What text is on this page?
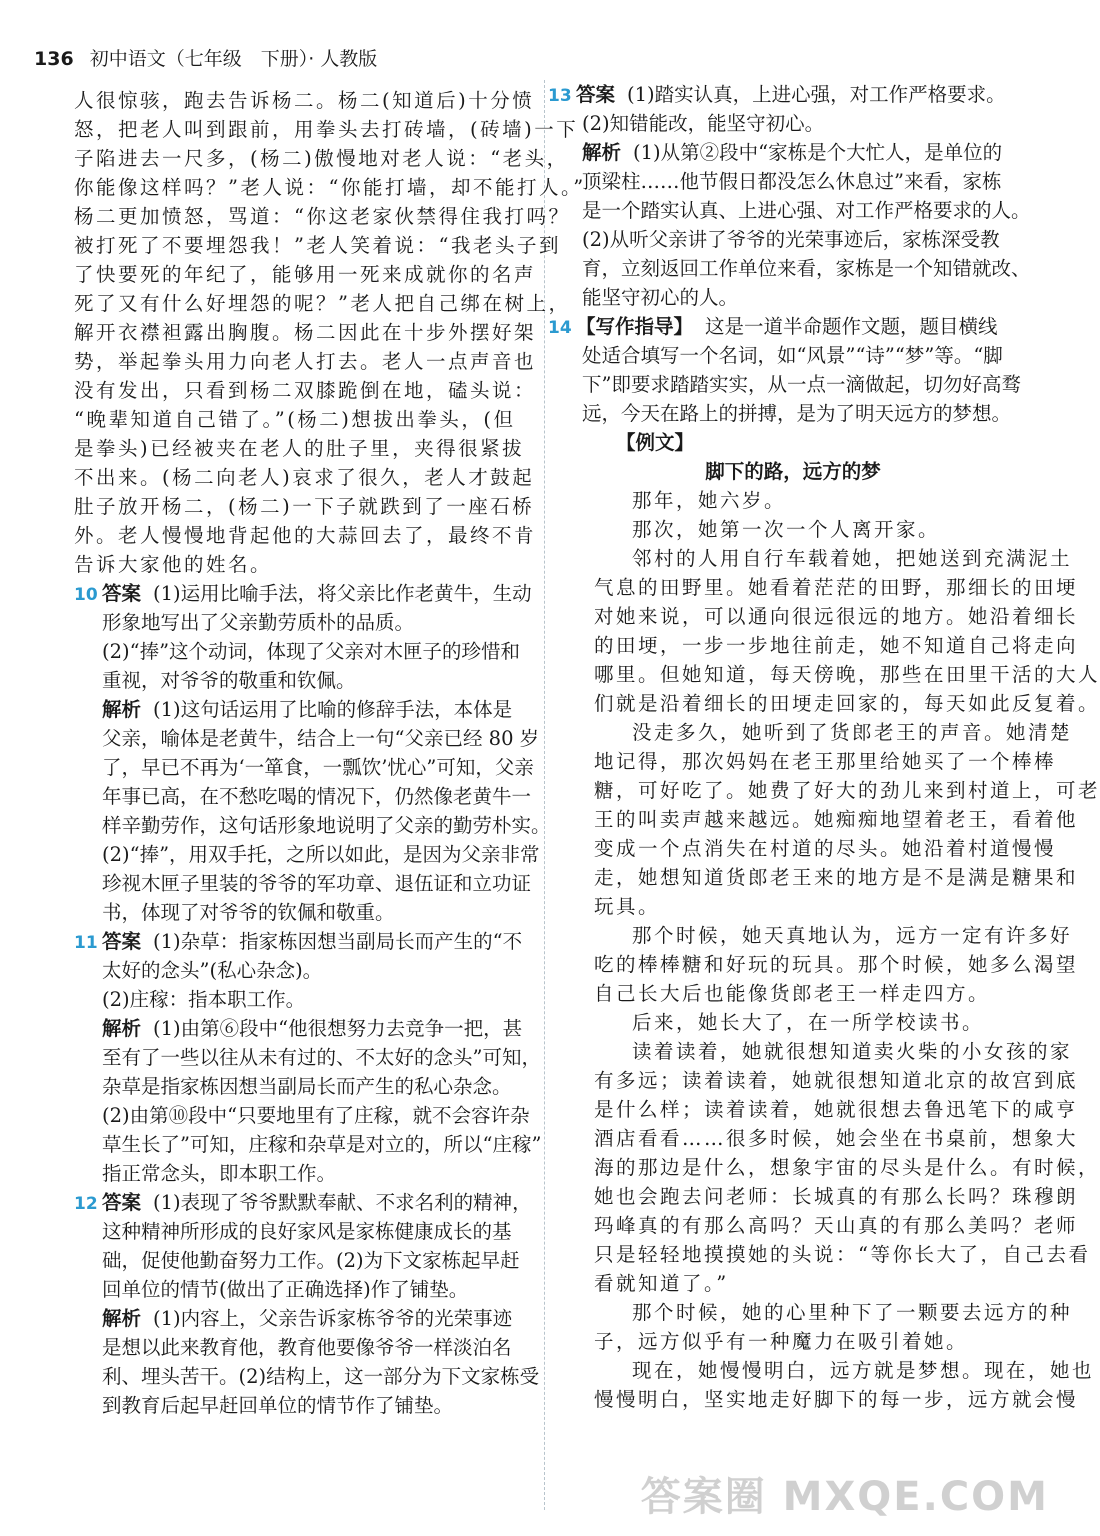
136 初中语文（七年级　下册）· 人教版
人很惊骇，跑去告诉杨二。杨二(知道后)十分愤
怒，把老人叫到跟前，用拳头去打砖墙，(砖墙)一下
子陷进去一尺多，(杨二)傲慢地对老人说：“老头，
你能像这样吗？”老人说：“你能打墙，却不能打人。”
杨二更加愤怒，骂道：“你这老家伙禁得住我打吗？
被打死了不要埋怨我！”老人笑着说：“我老头子到
了快要死的年纪了，能够用一死来成就你的名声
死了又有什么好埋怨的呢？”老人把自己绑在树上，
解开衣襟袒露出胸腹。杨二因此在十步外摆好架
势，举起拳头用力向老人打去。老人一点声音也
没有发出，只看到杨二双膝跪倒在地，磕头说：
“晚辈知道自己错了。”(杨二)想拔出拳头，(但
是拳头)已经被夹在老人的肚子里，夹得很紧拔
不出来。(杨二向老人)哀求了很久，老人才鼓起
肚子放开杨二，(杨二)一下子就跌到了一座石桥
外。老人慢慢地背起他的大蒜回去了，最终不肯
告诉大家他的姓名。
10 答案 (1)运用比喻手法，将父亲比作老黄牛，生动
形象地写出了父亲勤劳质朴的品质。
(2)“捧”这个动词，体现了父亲对木匣子的珍惜和
重视，对爷爷的敬重和钦佩。
解析 (1)这句话运用了比喻的修辞手法，本体是
父亲，喻体是老黄牛，结合上一句“父亲已经 80 岁
了，早已不再为‘一箪食，一瓢饮’忧心”可知，父亲
年事已高，在不愁吃喝的情况下，仍然像老黄牛一
样辛勤劳作，这句话形象地说明了父亲的勤劳朴实。
(2)“捧”，用双手托，之所以如此，是因为父亲非常
珍视木匣子里装的爷爷的军功章、退伍证和立功证
书，体现了对爷爷的钦佩和敬重。
11 答案 (1)杂草：指家栋因想当副局长而产生的“不
太好的念头”(私心杂念)。
(2)庄稼：指本职工作。
解析 (1)由第⑥段中“他很想努力去竞争一把，甚
至有了一些以往从未有过的、不太好的念头”可知，
杂草是指家栋因想当副局长而产生的私心杂念。
(2)由第⑩段中“只要地里有了庄稼，就不会容许杂
草生长了”可知，庄稼和杂草是对立的，所以“庄稼”
指正常念头，即本职工作。
12 答案 (1)表现了爷爷默默奉献、不求名利的精神，
这种精神所形成的良好家风是家栋健康成长的基
础，促使他勤奋努力工作。(2)为下文家栋起早赶
回单位的情节(做出了正确选择)作了铺垫。
解析 (1)内容上，父亲告诉家栋爷爷的光荣事迹
是想以此来教育他，教育他要像爷爷一样淡泊名
利、埋头苦干。(2)结构上，这一部分为下文家栋受
到教育后起早赶回单位的情节作了铺垫。
13 答案 (1)踏实认真，上进心强，对工作严格要求。
(2)知错能改，能坚守初心。
解析 (1)从第②段中“家栋是个大忙人，是单位的
顶梁柱……他节假日都没怎么休息过”来看，家栋
是一个踏实认真、上进心强、对工作严格要求的人。
(2)从听父亲讲了爷爷的光荣事迹后，家栋深受教
育，立刻返回工作单位来看，家栋是一个知错就改、
能坚守初心的人。
14 【写作指导】 这是一道半命题作文题，题目横线
处适合填写一个名词，如“风景”“诗”“梦”等。“脚
下”即要求踏踏实实，从一点一滴做起，切勿好高骛
远，今天在路上的拼搏，是为了明天远方的梦想。
【例文】
脚下的路，远方的梦
那年，她六岁。
那次，她第一次一个人离开家。
邻村的人用自行车载着她，把她送到充满泥土
气息的田野里。她看着茫茫的田野，那细长的田埂
对她来说，可以通向很远很远的地方。她沿着细长
的田埂，一步一步地往前走，她不知道自己将走向
哪里。但她知道，每天傍晚，那些在田里干活的大人
们就是沿着细长的田埂走回家的，每天如此反复着。
没走多久，她听到了货郎老王的声音。她清楚
地记得，那次妈妈在老王那里给她买了一个棒棒
糖，可好吃了。她费了好大的劲儿来到村道上，可老
王的叫卖声越来越远。她痴痴地望着老王，看着他
变成一个点消失在村道的尽头。她沿着村道慢慢
走，她想知道货郎老王来的地方是不是满是糖果和
玩具。
那个时候，她天真地认为，远方一定有许多好
吃的棒棒糖和好玩的玩具。那个时候，她多么渴望
自己长大后也能像货郎老王一样走四方。
后来，她长大了，在一所学校读书。
读着读着，她就很想知道卖火柴的小女孩的家
有多远；读着读着，她就很想知道北京的故宫到底
是什么样；读着读着，她就很想去鲁迅笔下的咸亨
酒店看看……很多时候，她会坐在书桌前，想象大
海的那边是什么，想象宇宙的尽头是什么。有时候，
她也会跑去问老师：长城真的有那么长吗？珠穆朗
玛峰真的有那么高吗？天山真的有那么美吗？老师
只是轻轻地摸摸她的头说：“等你长大了，自己去看
看就知道了。”
那个时候，她的心里种下了一颗要去远方的种
子，远方似乎有一种魔力在吸引着她。
现在，她慢慢明白，远方就是梦想。现在，她也
慢慢明白，坚实地走好脚下的每一步，远方就会慢
答案圈 MXQE.COM
